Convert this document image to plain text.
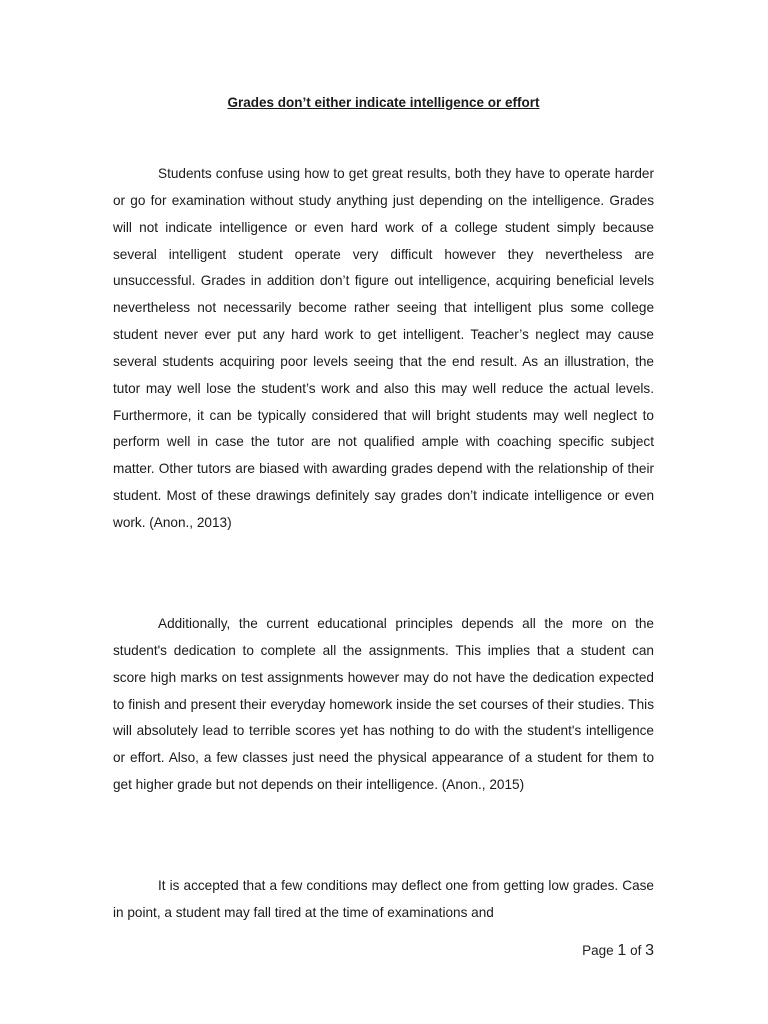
Grades don’t either indicate intelligence or effort

Students confuse using how to get great results, both they have to operate harder or go for examination without study anything just depending on the intelligence. Grades will not indicate intelligence or even hard work of a college student simply because several intelligent student operate very difficult however they nevertheless are unsuccessful. Grades in addition don’t figure out intelligence, acquiring beneficial levels nevertheless not necessarily become rather seeing that intelligent plus some college student never ever put any hard work to get intelligent. Teacher’s neglect may cause several students acquiring poor levels seeing that the end result. As an illustration, the tutor may well lose the student’s work and also this may well reduce the actual levels. Furthermore, it can be typically considered that will bright students may well neglect to perform well in case the tutor are not qualified ample with coaching specific subject matter. Other tutors are biased with awarding grades depend with the relationship of their student. Most of these drawings definitely say grades don’t indicate intelligence or even work. (Anon., 2013)

Additionally, the current educational principles depends all the more on the student's dedication to complete all the assignments. This implies that a student can score high marks on test assignments however may do not have the dedication expected to finish and present their everyday homework inside the set courses of their studies. This will absolutely lead to terrible scores yet has nothing to do with the student's intelligence or effort. Also, a few classes just need the physical appearance of a student for them to get higher grade but not depends on their intelligence. (Anon., 2015)

It is accepted that a few conditions may deflect one from getting low grades. Case in point, a student may fall tired at the time of examinations and

Page 1 of 3
